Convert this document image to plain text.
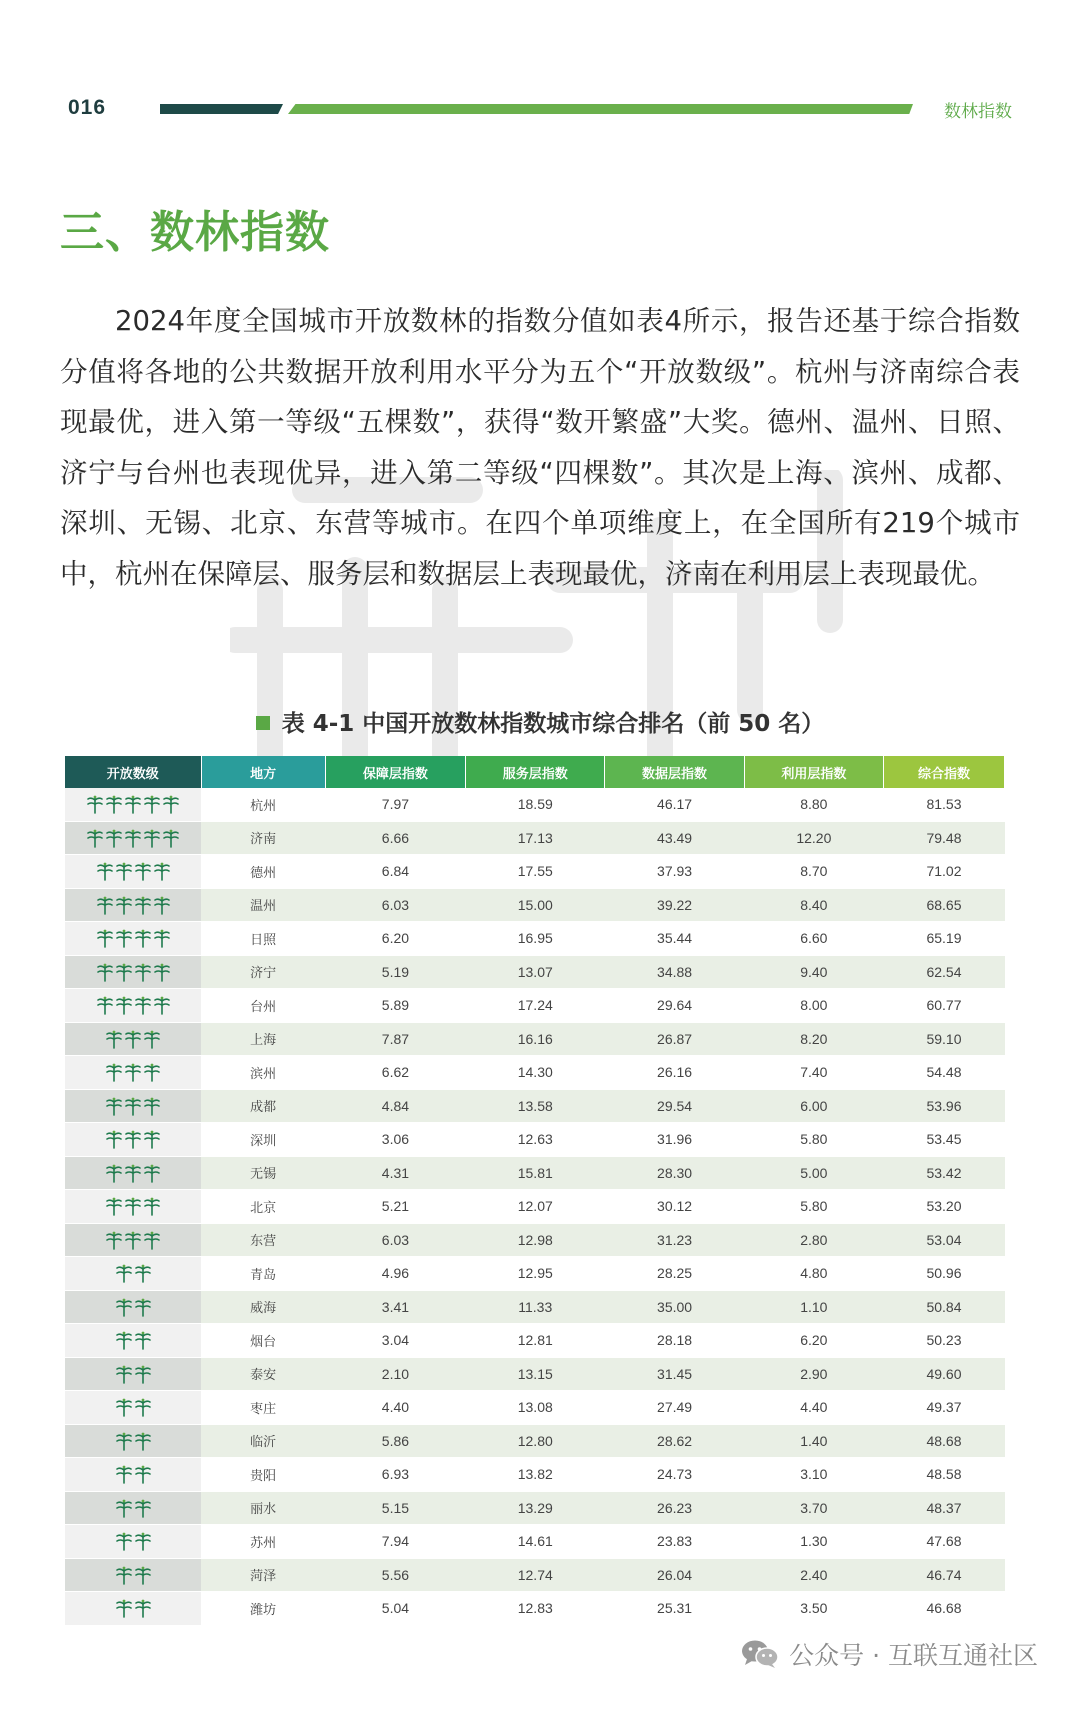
016	数林指数
三、数林指数

2024年度全国城市开放数林的指数分值如表4所示，报告还基于综合指数分值将各地的公共数据开放利用水平分为五个“开放数级”。杭州与济南综合表现最优，进入第一等级“五棵数”，获得“数开繁盛”大奖。德州、温州、日照、济宁与台州也表现优异，进入第二等级“四棵数”。其次是上海、滨州、成都、深圳、无锡、北京、东营等城市。在四个单项维度上，在全国所有219个城市中，杭州在保障层、服务层和数据层上表现最优，济南在利用层上表现最优。

表 4-1 中国开放数林指数城市综合排名（前 50 名）
开放数级	地方	保障层指数	服务层指数	数据层指数	利用层指数	综合指数

	杭州	7.97	18.59	46.17	8.80	81.53

	济南	6.66	17.13	43.49	12.20	79.48

	德州	6.84	17.55	37.93	8.70	71.02

	温州	6.03	15.00	39.22	8.40	68.65

	日照	6.20	16.95	35.44	6.60	65.19

	济宁	5.19	13.07	34.88	9.40	62.54

	台州	5.89	17.24	29.64	8.00	60.77

	上海	7.87	16.16	26.87	8.20	59.10

	滨州	6.62	14.30	26.16	7.40	54.48

	成都	4.84	13.58	29.54	6.00	53.96

	深圳	3.06	12.63	31.96	5.80	53.45

	无锡	4.31	15.81	28.30	5.00	53.42

	北京	5.21	12.07	30.12	5.80	53.20

	东营	6.03	12.98	31.23	2.80	53.04

	青岛	4.96	12.95	28.25	4.80	50.96

	威海	3.41	11.33	35.00	1.10	50.84

	烟台	3.04	12.81	28.18	6.20	50.23

	泰安	2.10	13.15	31.45	2.90	49.60

	枣庄	4.40	13.08	27.49	4.40	49.37

	临沂	5.86	12.80	28.62	1.40	48.68

	贵阳	6.93	13.82	24.73	3.10	48.58

	丽水	5.15	13.29	26.23	3.70	48.37

	苏州	7.94	14.61	23.83	1.30	47.68

	菏泽	5.56	12.74	26.04	2.40	46.74

	潍坊	5.04	12.83	25.31	3.50	46.68
公众号 · 互联互通社区
